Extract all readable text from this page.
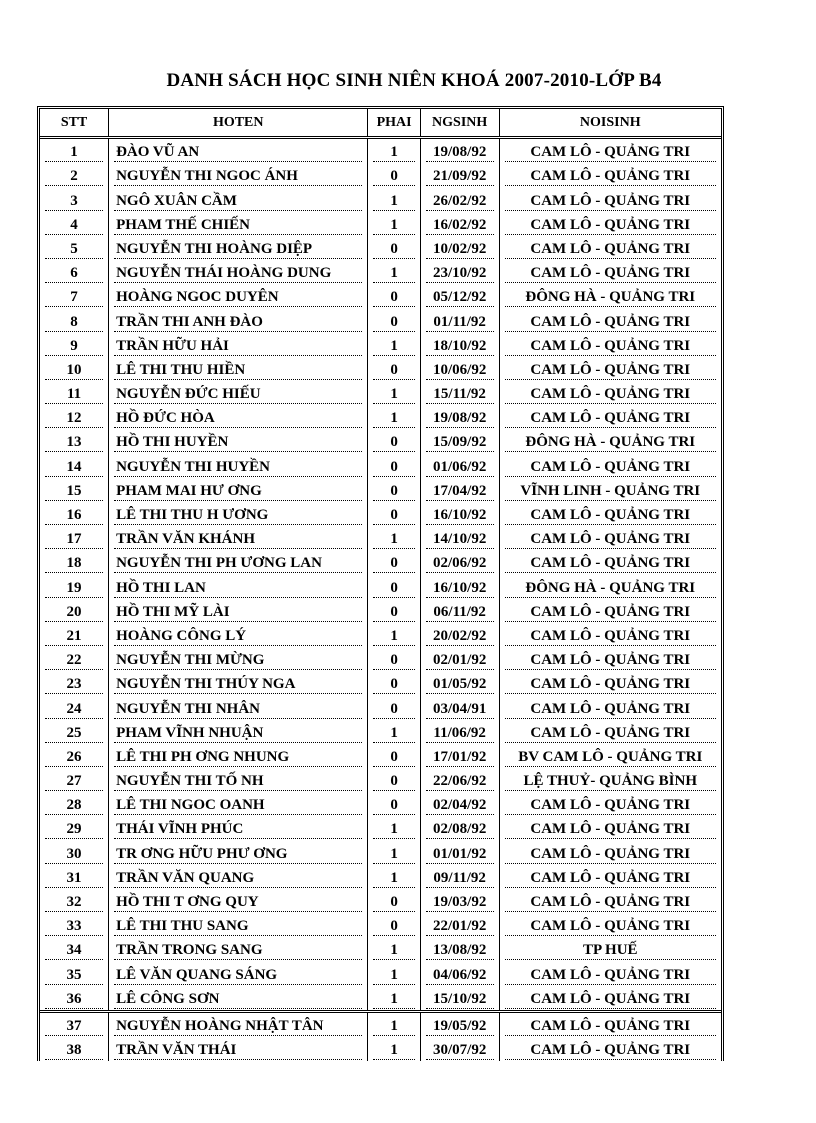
DANH SÁCH HỌC SINH NIÊN KHOÁ 2007-2010-LỚP B4
STT	HOTEN	PHAI	NGSINH	NOISINH

1	ĐÀO VŨ AN	1	19/08/92	CAM LÔ - QUẢNG TRI

2	NGUYỄN THI NGOC ÁNH	0	21/09/92	CAM LÔ - QUẢNG TRI

3	NGÔ XUÂN CẦM	1	26/02/92	CAM LÔ - QUẢNG TRI

4	PHAM THẾ CHIẾN	1	16/02/92	CAM LÔ - QUẢNG TRI

5	NGUYỄN THI HOÀNG DIỆP	0	10/02/92	CAM LÔ - QUẢNG TRI

6	NGUYỄN THÁI HOÀNG DUNG	1	23/10/92	CAM LÔ - QUẢNG TRI

7	HOÀNG NGOC DUYÊN	0	05/12/92	ĐÔNG HÀ - QUẢNG TRI

8	TRẦN THI ANH ĐÀO	0	01/11/92	CAM LÔ - QUẢNG TRI

9	TRẦN HỮU HẢI	1	18/10/92	CAM LÔ - QUẢNG TRI

10	LÊ THI THU HIỀN	0	10/06/92	CAM LÔ - QUẢNG TRI

11	NGUYỄN ĐỨC HIẾU	1	15/11/92	CAM LÔ - QUẢNG TRI

12	HỒ ĐỨC HÒA	1	19/08/92	CAM LÔ - QUẢNG TRI

13	HỒ THI HUYỀN	0	15/09/92	ĐÔNG HÀ - QUẢNG TRI

14	NGUYỄN THI HUYỀN	0	01/06/92	CAM LÔ - QUẢNG TRI

15	PHAM MAI HƯ ƠNG	0	17/04/92	VĨNH LINH - QUẢNG TRI

16	LÊ THI THU H ƯƠNG	0	16/10/92	CAM LÔ - QUẢNG TRI

17	TRẦN VĂN KHÁNH	1	14/10/92	CAM LÔ - QUẢNG TRI

18	NGUYỄN THI PH ƯƠNG LAN	0	02/06/92	CAM LÔ - QUẢNG TRI

19	HỒ THI LAN	0	16/10/92	ĐÔNG HÀ - QUẢNG TRI

20	HỒ THI MỸ LÀI	0	06/11/92	CAM LÔ - QUẢNG TRI

21	HOÀNG CÔNG LÝ	1	20/02/92	CAM LÔ - QUẢNG TRI

22	NGUYỄN THI MỪNG	0	02/01/92	CAM LÔ - QUẢNG TRI

23	NGUYỄN THI THÚY NGA	0	01/05/92	CAM LÔ - QUẢNG TRI

24	NGUYỄN THI NHÂN	0	03/04/91	CAM LÔ - QUẢNG TRI

25	PHAM VĨNH NHUẬN	1	11/06/92	CAM LÔ - QUẢNG TRI

26	LÊ THI PH ƠNG NHUNG	0	17/01/92	BV CAM LÔ - QUẢNG TRI

27	NGUYỄN THI TỐ NH	0	22/06/92	LỆ THUỶ- QUẢNG BÌNH

28	LÊ THI NGOC OANH	0	02/04/92	CAM LÔ - QUẢNG TRI

29	THÁI VĨNH PHÚC	1	02/08/92	CAM LÔ - QUẢNG TRI

30	TR ƠNG HỮU PHƯ ƠNG	1	01/01/92	CAM LÔ - QUẢNG TRI

31	TRẦN VĂN QUANG	1	09/11/92	CAM LÔ - QUẢNG TRI

32	HỒ THI T ƠNG QUY	0	19/03/92	CAM LÔ - QUẢNG TRI

33	LÊ THI THU SANG	0	22/01/92	CAM LÔ - QUẢNG TRI

34	TRẦN TRONG SANG	1	13/08/92	TP HUẾ

35	LÊ VĂN QUANG SÁNG	1	04/06/92	CAM LÔ - QUẢNG TRI

36	LÊ CÔNG SƠN	1	15/10/92	CAM LÔ - QUẢNG TRI

37	NGUYỄN HOÀNG NHẬT TÂN	1	19/05/92	CAM LÔ - QUẢNG TRI

38	TRẦN VĂN THÁI	1	30/07/92	CAM LÔ - QUẢNG TRI
